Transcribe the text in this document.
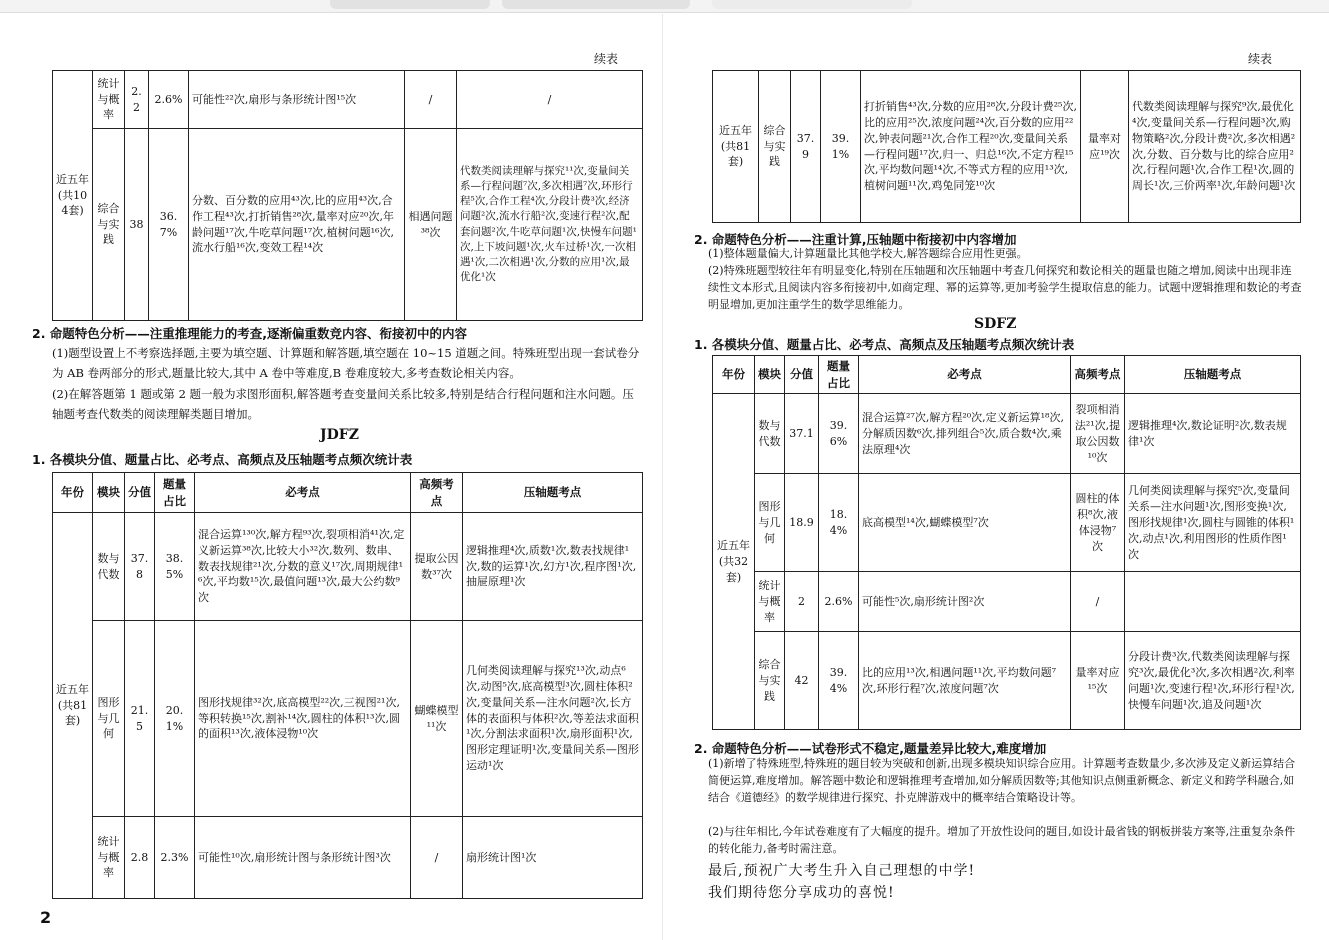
续表
近五年(共104套)	统计与概率	2.2	2.6%	可能性²²次,扇形与条形统计图¹⁵次	/	/
	综合与实践	38	36.7%	分数、百分数的应用⁴³次,比的应用⁴³次,合作工程⁴³次,打折销售²⁸次,量率对应²⁰次,年龄问题¹⁷次,牛吃草问题¹⁷次,植树问题¹⁶次,流水行船¹⁶次,变效工程¹⁴次	相遇问题³⁸次	代数类阅读理解与探究¹¹次,变量间关系—行程问题⁷次,多次相遇⁷次,环形行程⁵次,合作工程⁴次,分段计费³次,经济问题²次,流水行船²次,变速行程²次,配套问题²次,牛吃草问题¹次,快慢车问题¹次,上下坡问题¹次,火车过桥¹次,一次相遇¹次,二次相遇¹次,分数的应用¹次,最优化¹次
2. 命题特色分析——注重推理能力的考查,逐渐偏重数竞内容、衔接初中的内容
(1)题型设置上不考察选择题,主要为填空题、计算题和解答题,填空题在 10~15 道题之间。特殊班型出现一套试卷分为 AB 卷两部分的形式,题量比较大,其中 A 卷中等难度,B 卷难度较大,多考查数论相关内容。
(2)在解答题第 1 题或第 2 题一般为求图形面积,解答题考查变量间关系比较多,特别是结合行程问题和注水问题。压轴题考查代数类的阅读理解类题目增加。
JDFZ
1. 各模块分值、题量占比、必考点、高频点及压轴题考点频次统计表
年份	模块	分值	题量占比	必考点	高频考点	压轴题考点
近五年(共81套)	数与代数	37.8	38.5%	混合运算¹³⁰次,解方程⁹³次,裂项相消⁴¹次,定义新运算³⁸次,比较大小³²次,数列、数串、数表找规律²¹次,分数的意义¹⁷次,周期规律¹⁶次,平均数¹⁵次,最值问题¹³次,最大公约数⁹次	提取公因数³⁷次	逻辑推理⁴次,质数¹次,数表找规律¹次,数的运算¹次,幻方¹次,程序图¹次,抽屉原理¹次
	图形与几何	21.5	20.1%	图形找规律³²次,底高模型²²次,三视图²¹次,等积转换¹⁵次,割补¹⁴次,圆柱的体积¹³次,圆的面积¹³次,液体浸物¹⁰次	蝴蝶模型¹¹次	几何类阅读理解与探究¹³次,动点⁶次,动图⁵次,底高模型³次,圆柱体积²次,变量间关系—注水问题²次,长方体的表面积与体积²次,等差法求面积¹次,分割法求面积¹次,扇形面积¹次,图形定理证明¹次,变量间关系—图形运动¹次
	统计与概率	2.8	2.3%	可能性¹⁰次,扇形统计图与条形统计图³次	/	扇形统计图¹次
2
续表
近五年(共81套)	综合与实践	37.9	39.1%	打折销售⁴³次,分数的应用²⁸次,分段计费²⁵次,比的应用²⁵次,浓度问题²⁴次,百分数的应用²²次,钟表问题²¹次,合作工程²⁰次,变量间关系—行程问题¹⁷次,归一、归总¹⁶次,不定方程¹⁵次,平均数问题¹⁴次,不等式方程的应用¹³次,植树问题¹¹次,鸡兔同笼¹⁰次	量率对应¹⁹次	代数类阅读理解与探究⁹次,最优化⁴次,变量间关系—行程问题³次,购物策略²次,分段计费²次,多次相遇²次,分数、百分数与比的综合应用²次,行程问题¹次,合作工程¹次,圆的周长¹次,三价两率¹次,年龄问题¹次
2. 命题特色分析——注重计算,压轴题中衔接初中内容增加
(1)整体题量偏大,计算题量比其他学校大,解答题综合应用性更强。
(2)特殊班题型较往年有明显变化,特别在压轴题和次压轴题中考查几何探究和数论相关的题量也随之增加,阅读中出现非连续性文本形式,且阅读内容多衔接初中,如商定理、幂的运算等,更加考验学生提取信息的能力。试题中逻辑推理和数论的考查明显增加,更加注重学生的数学思维能力。
SDFZ
1. 各模块分值、题量占比、必考点、高频点及压轴题考点频次统计表
年份	模块	分值	题量占比	必考点	高频考点	压轴题考点
近五年(共32套)	数与代数	37.1	39.6%	混合运算²⁷次,解方程²⁰次,定义新运算¹⁸次,分解质因数⁶次,排列组合⁵次,质合数⁴次,乘法原理⁴次	裂项相消法²¹次,提取公因数¹⁰次	逻辑推理⁴次,数论证明²次,数表规律¹次
	图形与几何	18.9	18.4%	底高模型¹⁴次,蝴蝶模型⁷次	圆柱的体积⁸次,液体浸物⁷次	几何类阅读理解与探究⁵次,变量间关系—注水问题¹次,图形变换¹次,图形找规律¹次,圆柱与圆锥的体积¹次,动点¹次,利用图形的性质作图¹次
	统计与概率	2	2.6%	可能性⁵次,扇形统计图²次	/	
	综合与实践	42	39.4%	比的应用¹³次,相遇问题¹¹次,平均数问题⁷次,环形行程⁷次,浓度问题⁷次	量率对应¹⁵次	分段计费³次,代数类阅读理解与探究³次,最优化³次,多次相遇²次,利率问题¹次,变速行程¹次,环形行程¹次,快慢车问题¹次,追及问题¹次
2. 命题特色分析——试卷形式不稳定,题量差异比较大,难度增加
(1)新增了特殊班型,特殊班的题目较为突破和创新,出现多模块知识综合应用。计算题考查数量少,多次涉及定义新运算结合简便运算,难度增加。解答题中数论和逻辑推理考查增加,如分解质因数等;其他知识点侧重新概念、新定义和跨学科融合,如结合《道德经》的数学规律进行探究、扑克牌游戏中的概率结合策略设计等。
(2)与往年相比,今年试卷难度有了大幅度的提升。增加了开放性设问的题目,如设计最省钱的钢板拼装方案等,注重复杂条件的转化能力,备考时需注意。
最后,预祝广大考生升入自己理想的中学!
我们期待您分享成功的喜悦!
